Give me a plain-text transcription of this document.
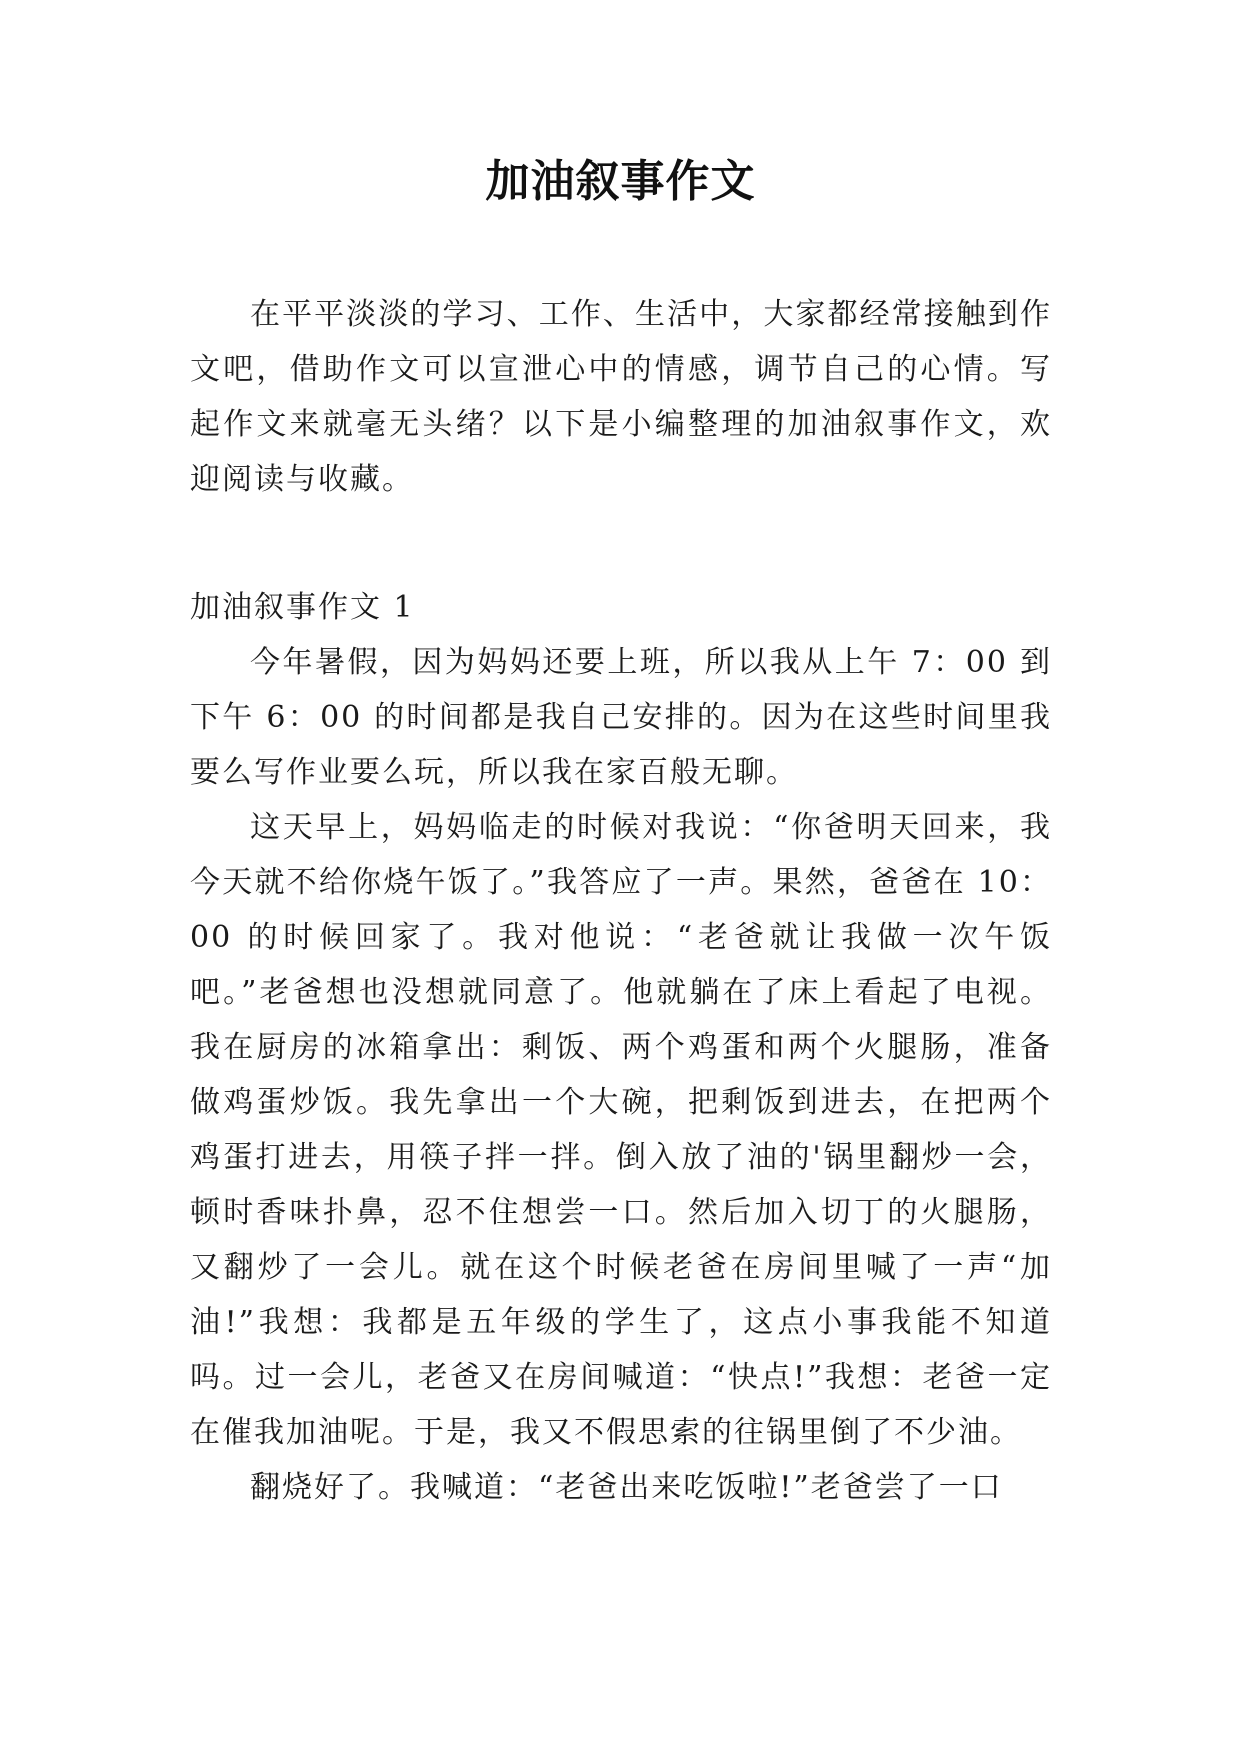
加油叙事作文

在平平淡淡的学习、工作、生活中，大家都经常接触到作文吧，借助作文可以宣泄心中的情感，调节自己的心情。写起作文来就毫无头绪？以下是小编整理的加油叙事作文，欢迎阅读与收藏。

加油叙事作文 1

今年暑假，因为妈妈还要上班，所以我从上午 7：00 到下午 6：00 的时间都是我自己安排的。因为在这些时间里我要么写作业要么玩，所以我在家百般无聊。

这天早上，妈妈临走的时候对我说：“你爸明天回来，我今天就不给你烧午饭了。”我答应了一声。果然，爸爸在 10：00 的时候回家了。我对他说：“老爸就让我做一次午饭吧。”老爸想也没想就同意了。他就躺在了床上看起了电视。我在厨房的冰箱拿出：剩饭、两个鸡蛋和两个火腿肠，准备做鸡蛋炒饭。我先拿出一个大碗，把剩饭到进去，在把两个鸡蛋打进去，用筷子拌一拌。倒入放了油的'锅里翻炒一会，顿时香味扑鼻，忍不住想尝一口。然后加入切丁的火腿肠，又翻炒了一会儿。就在这个时候老爸在房间里喊了一声“加油!”我想：我都是五年级的学生了，这点小事我能不知道吗。过一会儿，老爸又在房间喊道：“快点!”我想：老爸一定在催我加油呢。于是，我又不假思索的往锅里倒了不少油。

翻烧好了。我喊道：“老爸出来吃饭啦!”老爸尝了一口
